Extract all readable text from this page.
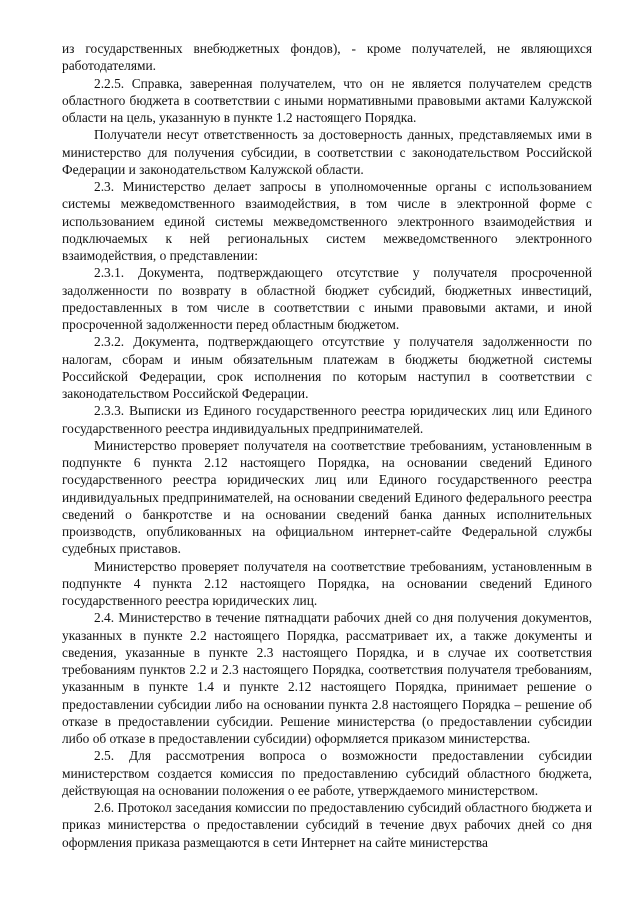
из государственных внебюджетных фондов), - кроме получателей, не являющихся работодателями.

2.2.5. Справка, заверенная получателем, что он не является получателем средств областного бюджета в соответствии с иными нормативными правовыми актами Калужской области на цель, указанную в пункте 1.2 настоящего Порядка.

Получатели несут ответственность за достоверность данных, представляемых ими в министерство для получения субсидии, в соответствии с законодательством Российской Федерации и законодательством Калужской области.

2.3. Министерство делает запросы в уполномоченные органы с использованием системы межведомственного взаимодействия, в том числе в электронной форме с использованием единой системы межведомственного электронного взаимодействия и подключаемых к ней региональных систем межведомственного электронного взаимодействия, о представлении:

2.3.1. Документа, подтверждающего отсутствие у получателя просроченной задолженности по возврату в областной бюджет субсидий, бюджетных инвестиций, предоставленных в том числе в соответствии с иными правовыми актами, и иной просроченной задолженности перед областным бюджетом.

2.3.2. Документа, подтверждающего отсутствие у получателя задолженности по налогам, сборам и иным обязательным платежам в бюджеты бюджетной системы Российской Федерации, срок исполнения по которым наступил в соответствии с законодательством Российской Федерации.

2.3.3. Выписки из Единого государственного реестра юридических лиц или Единого государственного реестра индивидуальных предпринимателей.

Министерство проверяет получателя на соответствие требованиям, установленным в подпункте 6 пункта 2.12 настоящего Порядка, на основании сведений Единого государственного реестра юридических лиц или Единого государственного реестра индивидуальных предпринимателей, на основании сведений Единого федерального реестра сведений о банкротстве и на основании сведений банка данных исполнительных производств, опубликованных на официальном интернет-сайте Федеральной службы судебных приставов.

Министерство проверяет получателя на соответствие требованиям, установленным в подпункте 4 пункта 2.12 настоящего Порядка, на основании сведений Единого государственного реестра юридических лиц.

2.4. Министерство в течение пятнадцати рабочих дней со дня получения документов, указанных в пункте 2.2 настоящего Порядка, рассматривает их, а также документы и сведения, указанные в пункте 2.3 настоящего Порядка, и в случае их соответствия требованиям пунктов 2.2 и 2.3 настоящего Порядка, соответствия получателя требованиям, указанным в пункте 1.4 и пункте 2.12 настоящего Порядка, принимает решение о предоставлении субсидии либо на основании пункта 2.8 настоящего Порядка – решение об отказе в предоставлении субсидии. Решение министерства (о предоставлении субсидии либо об отказе в предоставлении субсидии) оформляется приказом министерства.

2.5. Для рассмотрения вопроса о возможности предоставлении субсидии министерством создается комиссия по предоставлению субсидий областного бюджета, действующая на основании положения о ее работе, утверждаемого министерством.

2.6. Протокол заседания комиссии по предоставлению субсидий областного бюджета и приказ министерства о предоставлении субсидий в течение двух рабочих дней со дня оформления приказа размещаются в сети Интернет на сайте министерства
